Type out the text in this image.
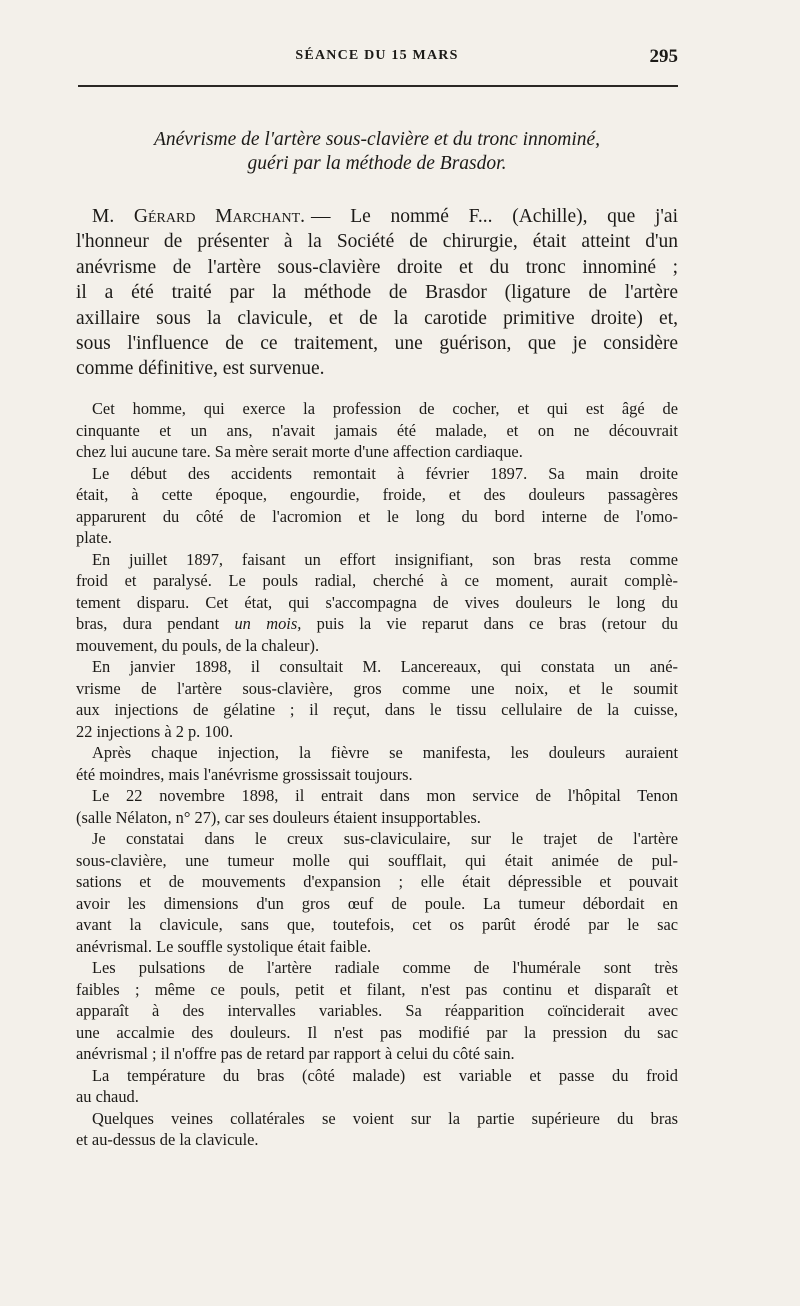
SÉANCE DU 15 MARS	295
Anévrisme de l'artère sous-clavière et du tronc innominé,
guéri par la méthode de Brasdor.
M. Gérard Marchant. — Le nommé F... (Achille), que j'ai
l'honneur de présenter à la Société de chirurgie, était atteint d'un
anévrisme de l'artère sous-clavière droite et du tronc innominé ;
il a été traité par la méthode de Brasdor (ligature de l'artère
axillaire sous la clavicule, et de la carotide primitive droite) et,
sous l'influence de ce traitement, une guérison, que je considère
comme définitive, est survenue.
Cet homme, qui exerce la profession de cocher, et qui est âgé de
cinquante et un ans, n'avait jamais été malade, et on ne découvrait
chez lui aucune tare. Sa mère serait morte d'une affection cardiaque.
Le début des accidents remontait à février 1897. Sa main droite
était, à cette époque, engourdie, froide, et des douleurs passagères
apparurent du côté de l'acromion et le long du bord interne de l'omo-
plate.
En juillet 1897, faisant un effort insignifiant, son bras resta comme
froid et paralysé. Le pouls radial, cherché à ce moment, aurait complè-
tement disparu. Cet état, qui s'accompagna de vives douleurs le long du
bras, dura pendant un mois, puis la vie reparut dans ce bras (retour du
mouvement, du pouls, de la chaleur).
En janvier 1898, il consultait M. Lancereaux, qui constata un ané-
vrisme de l'artère sous-clavière, gros comme une noix, et le soumit
aux injections de gélatine ; il reçut, dans le tissu cellulaire de la cuisse,
22 injections à 2 p. 100.
Après chaque injection, la fièvre se manifesta, les douleurs auraient
été moindres, mais l'anévrisme grossissait toujours.
Le 22 novembre 1898, il entrait dans mon service de l'hôpital Tenon
(salle Nélaton, n° 27), car ses douleurs étaient insupportables.
Je constatai dans le creux sus-claviculaire, sur le trajet de l'artère
sous-clavière, une tumeur molle qui soufflait, qui était animée de pul-
sations et de mouvements d'expansion ; elle était dépressible et pouvait
avoir les dimensions d'un gros œuf de poule. La tumeur débordait en
avant la clavicule, sans que, toutefois, cet os parût érodé par le sac
anévrismal. Le souffle systolique était faible.
Les pulsations de l'artère radiale comme de l'humérale sont très
faibles ; même ce pouls, petit et filant, n'est pas continu et disparaît et
apparaît à des intervalles variables. Sa réapparition coïnciderait avec
une accalmie des douleurs. Il n'est pas modifié par la pression du sac
anévrismal ; il n'offre pas de retard par rapport à celui du côté sain.
La température du bras (côté malade) est variable et passe du froid
au chaud.
Quelques veines collatérales se voient sur la partie supérieure du bras
et au-dessus de la clavicule.
